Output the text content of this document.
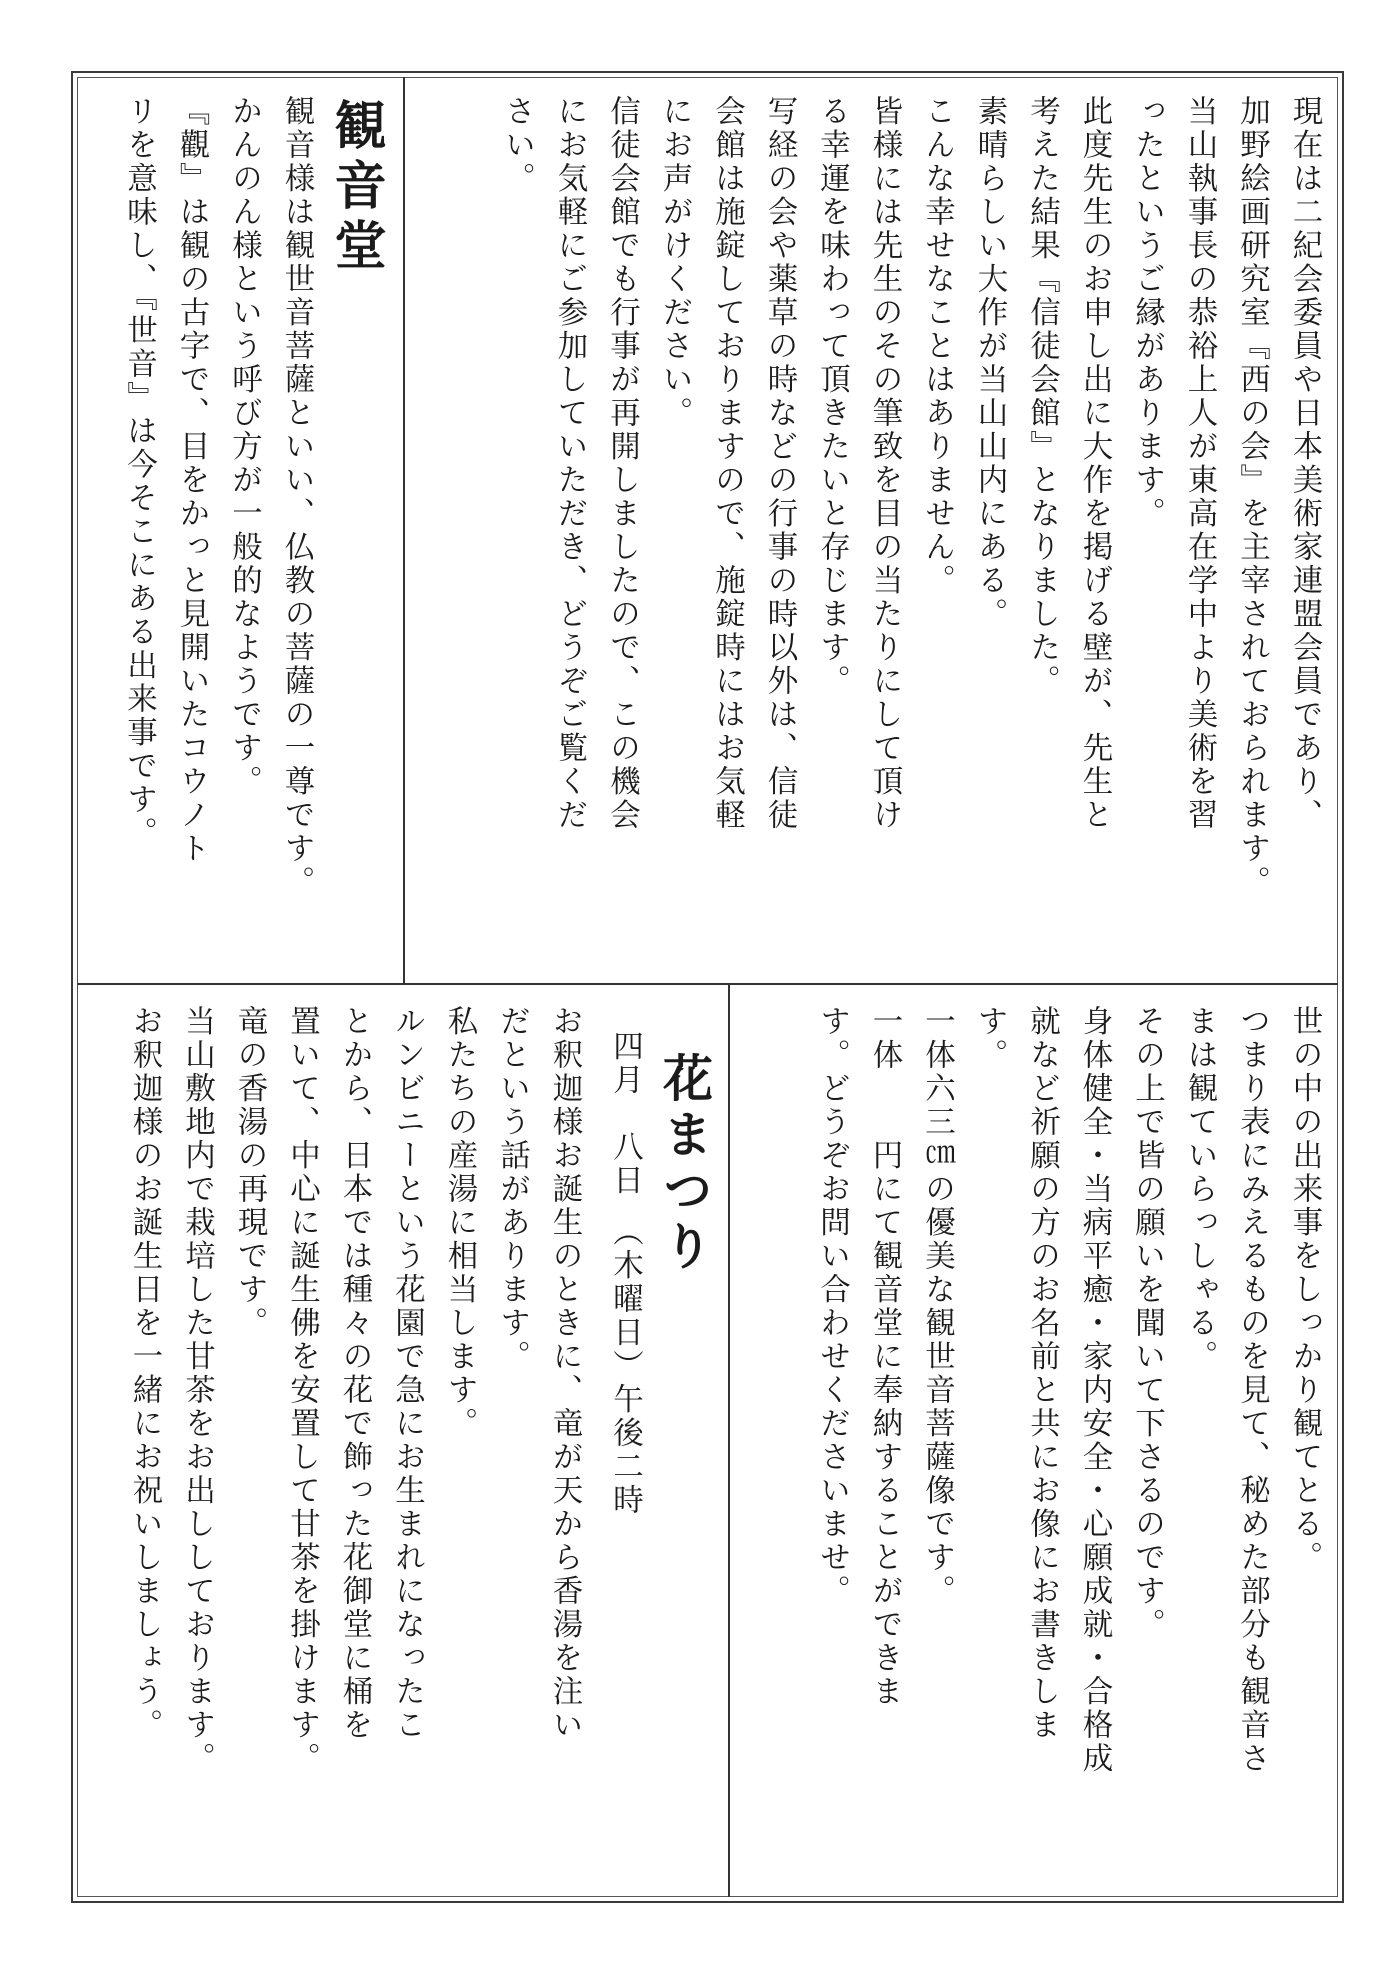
現在は二紀会委員や日本美術家連盟会員であり、

加野絵画研究室『西の会』を主宰されておられます。

当山執事長の恭裕上人が東高在学中より美術を習

ったというご縁があります。

此度先生のお申し出に大作を掲げる壁が、先生と

考えた結果『信徒会館』となりました。

素晴らしい大作が当山山内にある。

こんな幸せなことはありません。

皆様には先生のその筆致を目の当たりにして頂け

る幸運を味わって頂きたいと存じます。

写経の会や薬草の時などの行事の時以外は、信徒

会館は施錠しておりますので、施錠時にはお気軽

にお声がけください。

信徒会館でも行事が再開しましたので、この機会

にお気軽にご参加していただき、どうぞご覧くだ

さい。

観音堂

観音様は観世音菩薩といい、仏教の菩薩の一尊です。

かんのん様という呼び方が一般的なようです。

『觀』は観の古字で、目をかっと見開いたコウノト

リを意味し、『世音』は今そこにある出来事です。

世の中の出来事をしっかり観てとる。

つまり表にみえるものを見て、秘めた部分も観音さ

まは観ていらっしゃる。

その上で皆の願いを聞いて下さるのです。

身体健全・当病平癒・家内安全・心願成就・合格成

就など祈願の方のお名前と共にお像にお書きしま

す。

一体六三㎝の優美な観世音菩薩像です。

一体　　円にて観音堂に奉納することができま

す。どうぞお問い合わせくださいませ。

花まつり
四月　八日　（木曜日）午後二時

お釈迦様お誕生のときに、竜が天から香湯を注い

だという話があります。

私たちの産湯に相当します。

ルンビニーという花園で急にお生まれになったこ

とから、日本では種々の花で飾った花御堂に桶を

置いて、中心に誕生佛を安置して甘茶を掛けます。

竜の香湯の再現です。

当山敷地内で栽培した甘茶をお出ししております。

お釈迦様のお誕生日を一緒にお祝いしましょう。
